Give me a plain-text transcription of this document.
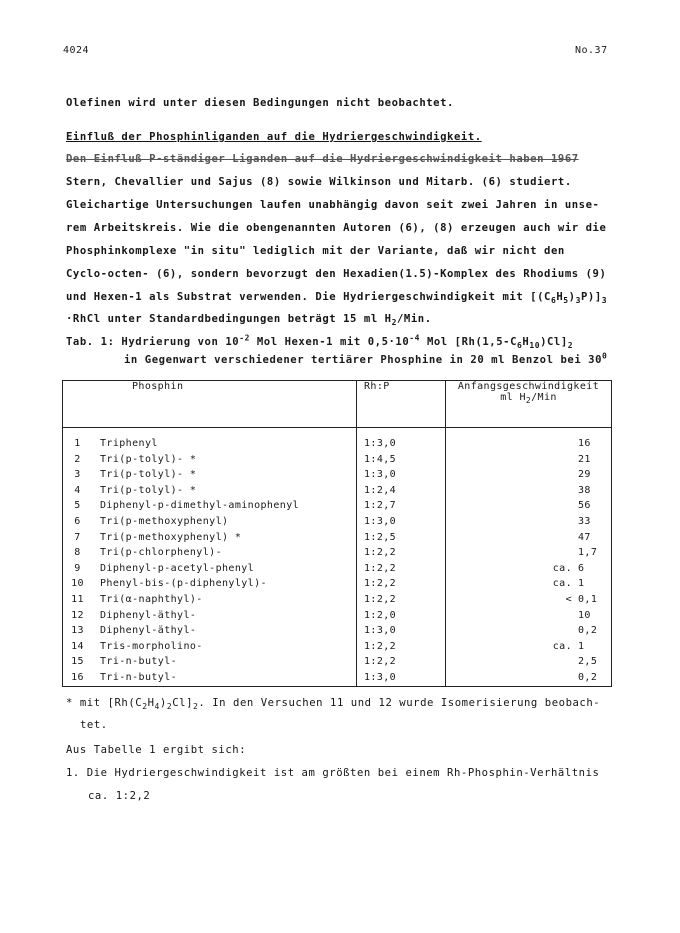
4024	No.37
Olefinen wird unter diesen Bedingungen nicht beobachtet.
Einfluß der Phosphinliganden auf die Hydriergeschwindigkeit.
Den Einfluß P-ständiger Liganden auf die Hydriergeschwindigkeit haben 1967
Stern, Chevallier und Sajus (8) sowie Wilkinson und Mitarb. (6) studiert.
Gleichartige Untersuchungen laufen unabhängig davon seit zwei Jahren in unse-
rem Arbeitskreis. Wie die obengenannten Autoren (6), (8) erzeugen auch wir die
Phosphinkomplexe "in situ" lediglich mit der Variante, daß wir nicht den
Cyclo-octen- (6), sondern bevorzugt den Hexadien(1.5)-Komplex des Rhodiums (9)
und Hexen-1 als Substrat verwenden. Die Hydriergeschwindigkeit mit $[(C_6H_5)_3P)]_3$
·RhCl unter Standardbedingungen beträgt 15 ml $H_2$/Min.
Tab. 1: Hydrierung von $10^{-2}$ Mol Hexen-1 mit $0,5\cdot 10^{-4}$ Mol $[Rh(1,5-C_6H_{10})Cl]_2$
in Gegenwart verschiedener tertiärer Phosphine in 20 ml Benzol bei $30^0$
	Phosphin	Rh:P	Anfangsgeschwindigkeit
ml $H_2$/Min

1	Triphenyl	1:3,0	16
2	Tri(p-tolyl)- *	1:4,5	21
3	Tri(p-tolyl)- *	1:3,0	29
4	Tri(p-tolyl)- *	1:2,4	38
5	Diphenyl-p-dimethyl-aminophenyl	1:2,7	56
6	Tri(p-methoxyphenyl)	1:3,0	33
7	Tri(p-methoxyphenyl) *	1:2,5	47
8	Tri(p-chlorphenyl)-	1:2,2	1,7
9	Diphenyl-p-acetyl-phenyl	1:2,2	ca. 6
10	Phenyl-bis-(p-diphenylyl)-	1:2,2	ca. 1
11	Tri(α-naphthyl)-	1:2,2	< 0,1
12	Diphenyl-äthyl-	1:2,0	10
13	Diphenyl-äthyl-	1:3,0	0,2
14	Tris-morpholino-	1:2,2	ca. 1
15	Tri-n-butyl-	1:2,2	2,5
16	Tri-n-butyl-	1:3,0	0,2
* mit $[Rh(C_2H_4)_2Cl]_2$. In den Versuchen 11 und 12 wurde Isomerisierung beobach-
tet.
Aus Tabelle 1 ergibt sich:
1. Die Hydriergeschwindigkeit ist am größten bei einem Rh-Phosphin-Verhältnis
ca. 1:2,2
